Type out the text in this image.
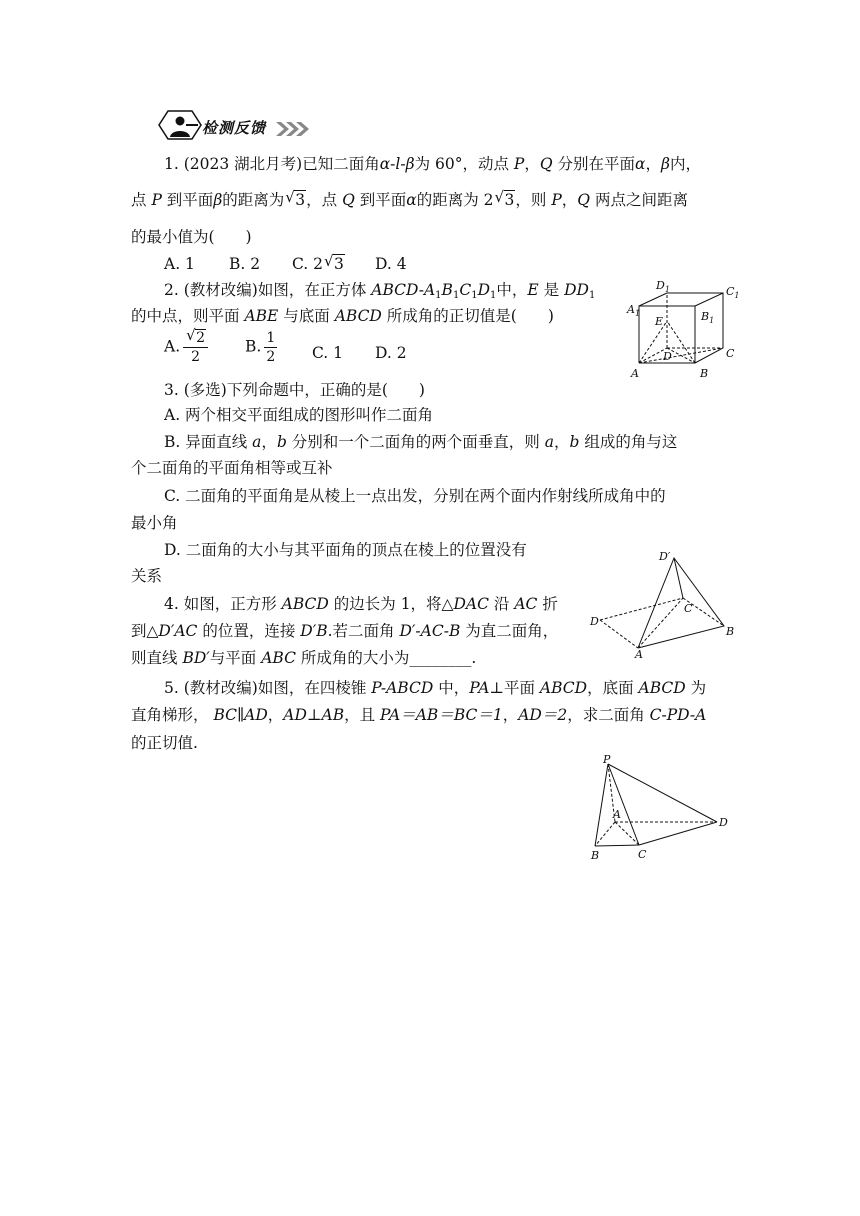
检测反馈
1. (2023 湖北月考)已知二面角α-l-β为 60°，动点 P，Q 分别在平面α，β内，
点 P 到平面β的距离为 √ 3，点 Q 到平面α的距离为 2 √ 3，则 P，Q 两点之间距离
的最小值为(　　)
A. 1 B. 2 C. 2 √ 3 D. 4
2. (教材改编)如图，在正方体 ABCD-$A_1B_1C_1D_1$中，E 是 $DD_1$
的中点，则平面 ABE 与底面 ABCD 所成角的正切值是(　　)
A. $\frac{√ 2}{2} B$. $\frac{1}{2} C$. 1 D. 2
$D_1$	$C_1$
$A_1$	$B_1$
E
D	C
A	B
3. (多选)下列命题中，正确的是(　　)
A. 两个相交平面组成的图形叫作二面角
B. 异面直线 a，b 分别和一个二面角的两个面垂直，则 a，b 组成的角与这
个二面角的平面角相等或互补
C. 二面角的平面角是从棱上一点出发，分别在两个面内作射线所成角中的
最小角
D. 二面角的大小与其平面角的顶点在棱上的位置没有
关系
D′
D
C
B
A
4. 如图，正方形 ABCD 的边长为 1，将△DAC 沿 AC 折
到△D′AC 的位置，连接 D′B.若二面角 D′-AC-B 为直二面角，
则直线 BD′与平面 ABC 所成角的大小为________.
5. (教材改编)如图，在四棱锥 P-ABCD 中，PA⊥平面 ABCD，底面 ABCD 为
直角梯形， BC∥AD，AD⊥AB，且 PA＝AB＝BC＝1，AD＝2，求二面角 C-PD-A
的正切值.
P
A
B	C
D
